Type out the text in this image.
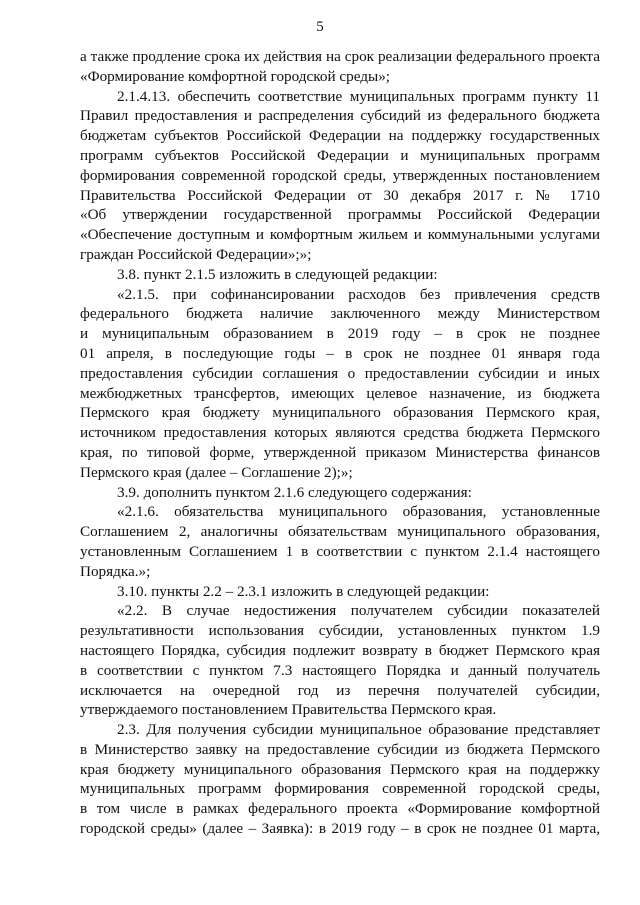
5
а также продление срока их действия на срок реализации федерального проекта
«Формирование комфортной городской среды»;
2.1.4.13. обеспечить соответствие муниципальных программ пункту 11
Правил предоставления и распределения субсидий из федерального бюджета
бюджетам субъектов Российской Федерации на поддержку государственных
программ субъектов Российской Федерации и муниципальных программ
формирования современной городской среды, утвержденных постановлением
Правительства Российской Федерации от 30 декабря 2017 г. № 1710
«Об утверждении государственной программы Российской Федерации
«Обеспечение доступным и комфортным жильем и коммунальными услугами
граждан Российской Федерации»;»;
3.8. пункт 2.1.5 изложить в следующей редакции:
«2.1.5. при софинансировании расходов без привлечения средств
федерального бюджета наличие заключенного между Министерством
и муниципальным образованием в 2019 году – в срок не позднее
01 апреля, в последующие годы – в срок не позднее 01 января года
предоставления субсидии соглашения о предоставлении субсидии и иных
межбюджетных трансфертов, имеющих целевое назначение, из бюджета
Пермского края бюджету муниципального образования Пермского края,
источником предоставления которых являются средства бюджета Пермского
края, по типовой форме, утвержденной приказом Министерства финансов
Пермского края (далее – Соглашение 2);»;
3.9. дополнить пунктом 2.1.6 следующего содержания:
«2.1.6. обязательства муниципального образования, установленные
Соглашением 2, аналогичны обязательствам муниципального образования,
установленным Соглашением 1 в соответствии с пунктом 2.1.4 настоящего
Порядка.»;
3.10. пункты 2.2 – 2.3.1 изложить в следующей редакции:
«2.2. В случае недостижения получателем субсидии показателей
результативности использования субсидии, установленных пунктом 1.9
настоящего Порядка, субсидия подлежит возврату в бюджет Пермского края
в соответствии с пунктом 7.3 настоящего Порядка и данный получатель
исключается на очередной год из перечня получателей субсидии,
утверждаемого постановлением Правительства Пермского края.
2.3. Для получения субсидии муниципальное образование представляет
в Министерство заявку на предоставление субсидии из бюджета Пермского
края бюджету муниципального образования Пермского края на поддержку
муниципальных программ формирования современной городской среды,
в том числе в рамках федерального проекта «Формирование комфортной
городской среды» (далее – Заявка): в 2019 году – в срок не позднее 01 марта,
